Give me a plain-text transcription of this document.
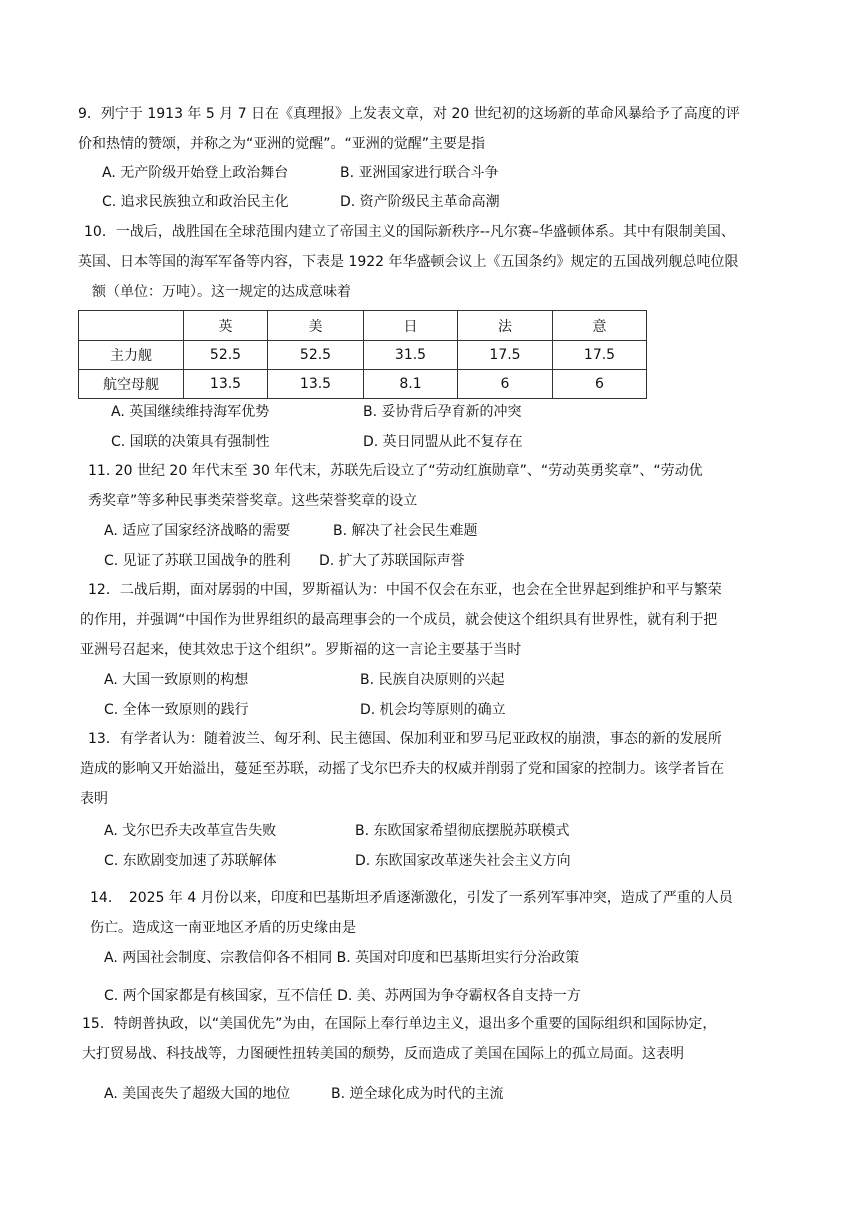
9．列宁于 1913 年 5 月 7 日在《真理报》上发表文章，对 20 世纪初的这场新的革命风暴给予了高度的评
价和热情的赞颂，并称之为“亚洲的觉醒”。“亚洲的觉醒”主要是指
A. 无产阶级开始登上政治舞台	B. 亚洲国家进行联合斗争
C. 追求民族独立和政治民主化	D. 资产阶级民主革命高潮
10．一战后，战胜国在全球范围内建立了帝国主义的国际新秩序--凡尔赛–华盛顿体系。其中有限制美国、
英国、日本等国的海军军备等内容，下表是 1922 年华盛顿会议上《五国条约》规定的五国战列舰总吨位限
额（单位：万吨）。这一规定的达成意味着
	英	美	日	法	意
主力舰	52.5	52.5	31.5	17.5	17.5
航空母舰	13.5	13.5	8.1	6	6
A. 英国继续维持海军优势	B. 妥协背后孕育新的冲突
C. 国联的决策具有强制性	D. 英日同盟从此不复存在
11. 20 世纪 20 年代末至 30 年代末，苏联先后设立了“劳动红旗勋章”、“劳动英勇奖章”、“劳动优
秀奖章”等多种民事类荣誉奖章。这些荣誉奖章的设立
A. 适应了国家经济战略的需要	B. 解决了社会民生难题
C. 见证了苏联卫国战争的胜利 D. 扩大了苏联国际声誉
12．二战后期，面对孱弱的中国，罗斯福认为：中国不仅会在东亚，也会在全世界起到维护和平与繁荣
的作用，并强调“中国作为世界组织的最高理事会的一个成员，就会使这个组织具有世界性，就有利于把
亚洲号召起来，使其效忠于这个组织”。罗斯福的这一言论主要基于当时
A. 大国一致原则的构想	B. 民族自决原则的兴起
C. 全体一致原则的践行	D. 机会均等原则的确立
13．有学者认为：随着波兰、匈牙利、民主德国、保加利亚和罗马尼亚政权的崩溃，事态的新的发展所
造成的影响又开始溢出，蔓延至苏联，动摇了戈尔巴乔夫的权威并削弱了党和国家的控制力。该学者旨在
表明
A. 戈尔巴乔夫改革宣告失败	B. 东欧国家希望彻底摆脱苏联模式
C. 东欧剧变加速了苏联解体	D. 东欧国家改革迷失社会主义方向
14．　2025 年 4 月份以来，印度和巴基斯坦矛盾逐渐激化，引发了一系列军事冲突，造成了严重的人员
伤亡。造成这一南亚地区矛盾的历史缘由是
A. 两国社会制度、宗教信仰各不相同 B. 英国对印度和巴基斯坦实行分治政策
C. 两个国家都是有核国家，互不信任 D. 美、苏两国为争夺霸权各自支持一方
15．特朗普执政，以“美国优先”为由，在国际上奉行单边主义，退出多个重要的国际组织和国际协定，
大打贸易战、科技战等，力图硬性扭转美国的颓势，反而造成了美国在国际上的孤立局面。这表明
A. 美国丧失了超级大国的地位	B. 逆全球化成为时代的主流
